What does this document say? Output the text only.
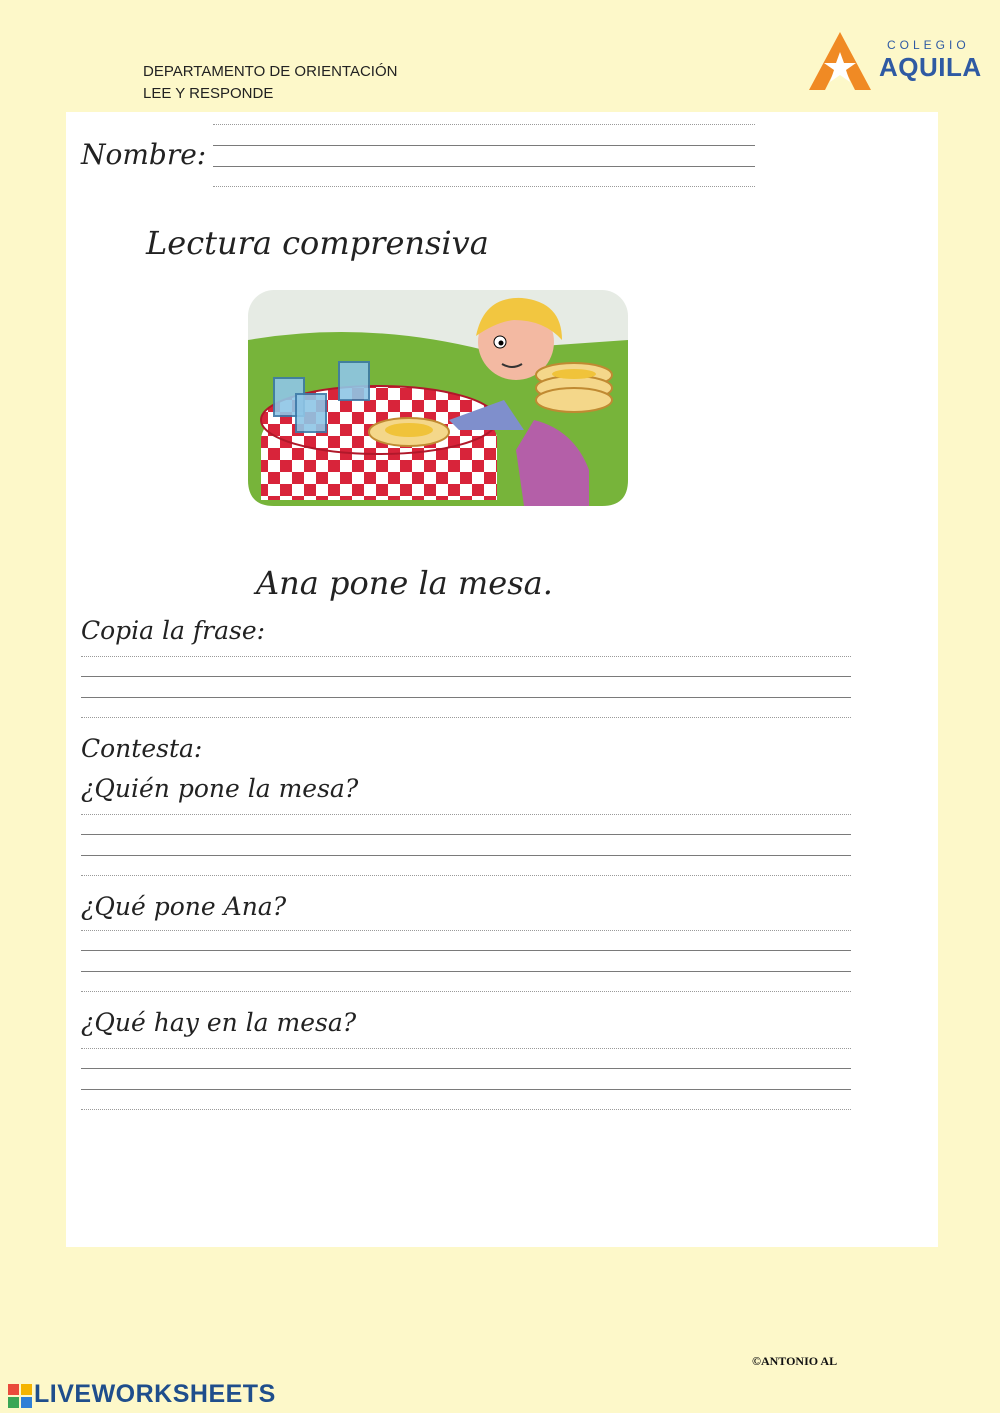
DEPARTAMENTO DE ORIENTACIÓN
LEE Y RESPONDE
COLEGIO
AQUILA
Nombre:
Lectura comprensiva
Ana pone la mesa.
Copia la frase:
Contesta:
¿Quién pone la mesa?
¿Qué pone Ana?
¿Qué hay en la mesa?
©ANTONIO AL
LIVEWORKSHEETS
